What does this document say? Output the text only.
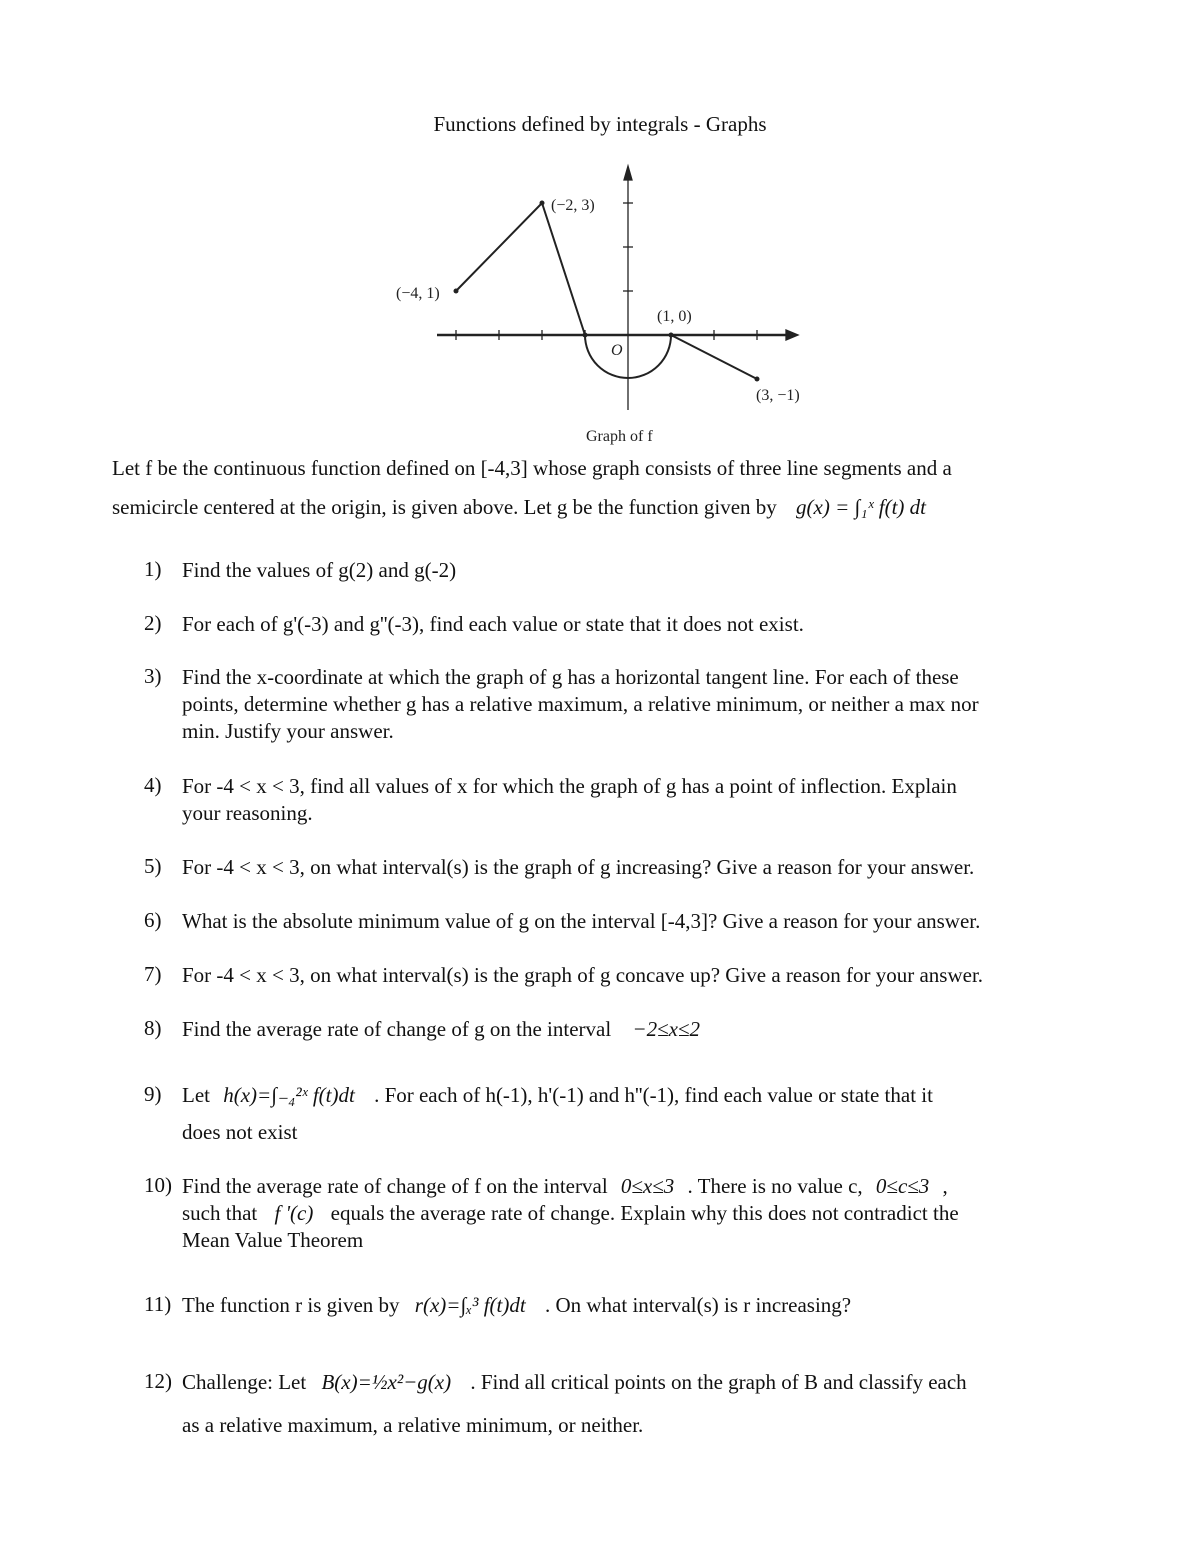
Functions defined by integrals - Graphs
(−4, 1)
(−2, 3)
(1, 0)
(3, −1)
O
Graph of f
Let f be the continuous function defined on [-4,3] whose graph consists of three line segments and a
semicircle centered at the origin, is given above. Let g be the function given by g(x) = ∫₁ˣ f(t) dt
1) Find the values of g(2) and g(-2)
2) For each of g'(-3) and g''(-3), find each value or state that it does not exist.
3) Find the x-coordinate at which the graph of g has a horizontal tangent line. For each of these
points, determine whether g has a relative maximum, a relative minimum, or neither a max nor
min. Justify your answer.
4) For -4 < x < 3, find all values of x for which the graph of g has a point of inflection. Explain
your reasoning.
5) For -4 < x < 3, on what interval(s) is the graph of g increasing? Give a reason for your answer.
6) What is the absolute minimum value of g on the interval [-4,3]? Give a reason for your answer.
7) For -4 < x < 3, on what interval(s) is the graph of g concave up? Give a reason for your answer.
8) Find the average rate of change of g on the interval −2≤x≤2
9) Let h(x)=∫₋₄²ˣ f(t)dt . For each of h(-1), h'(-1) and h''(-1), find each value or state that it
does not exist
10) Find the average rate of change of f on the interval 0≤x≤3 . There is no value c, 0≤c≤3 ,
such that f '(c) equals the average rate of change. Explain why this does not contradict the
Mean Value Theorem
11) The function r is given by r(x)=∫ₓ³ f(t)dt . On what interval(s) is r increasing?
12) Challenge: Let B(x)=½x²−g(x) . Find all critical points on the graph of B and classify each
as a relative maximum, a relative minimum, or neither.
